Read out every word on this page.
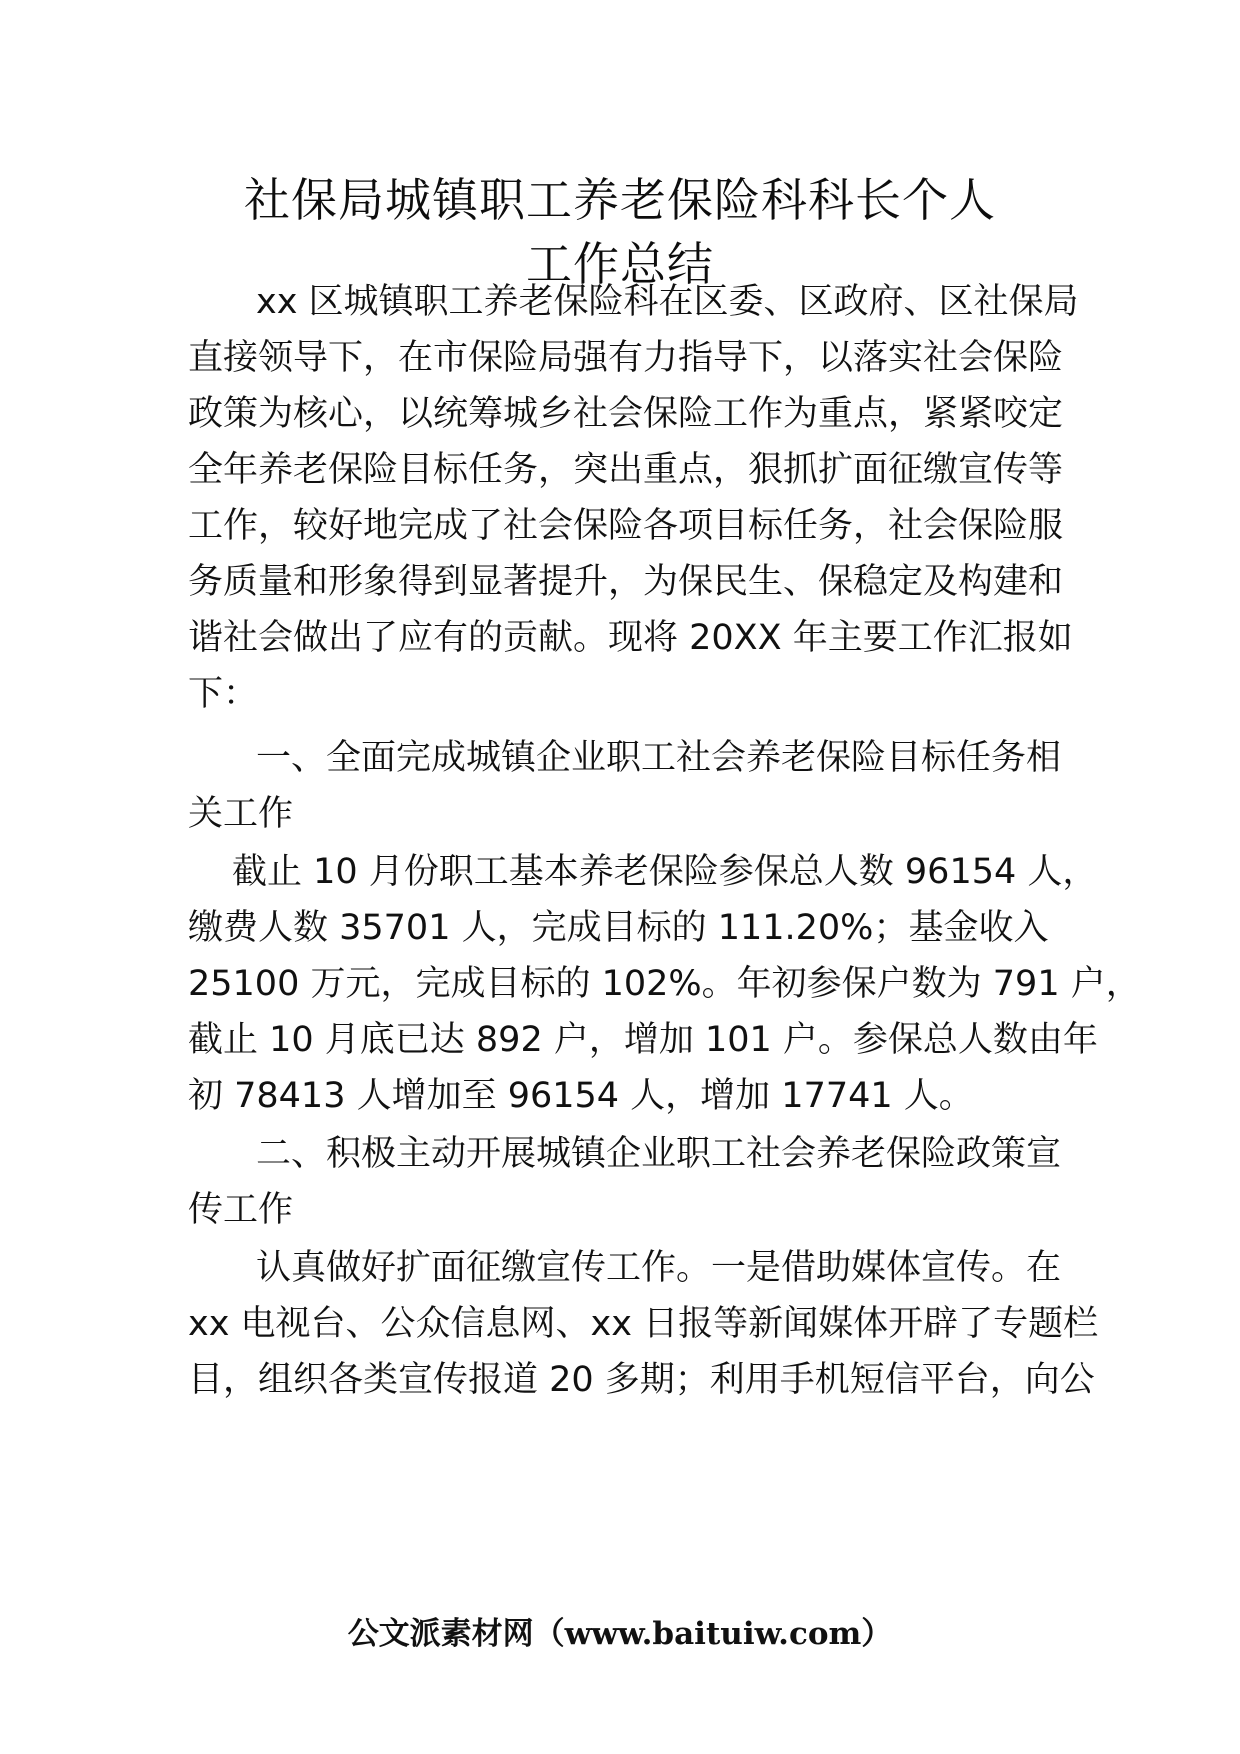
社保局城镇职工养老保险科科长个人
工作总结
xx 区城镇职工养老保险科在区委、区政府、区社保局
直接领导下，在市保险局强有力指导下，以落实社会保险
政策为核心，以统筹城乡社会保险工作为重点，紧紧咬定
全年养老保险目标任务，突出重点，狠抓扩面征缴宣传等
工作，较好地完成了社会保险各项目标任务，社会保险服
务质量和形象得到显著提升，为保民生、保稳定及构建和
谐社会做出了应有的贡献。现将 20XX 年主要工作汇报如
下：
一、全面完成城镇企业职工社会养老保险目标任务相
关工作
截止 10 月份职工基本养老保险参保总人数 96154 人，
缴费人数 35701 人，完成目标的 111.20%；基金收入
25100 万元，完成目标的 102%。年初参保户数为 791 户，
截止 10 月底已达 892 户，增加 101 户。参保总人数由年
初 78413 人增加至 96154 人，增加 17741 人。
二、积极主动开展城镇企业职工社会养老保险政策宣
传工作
认真做好扩面征缴宣传工作。一是借助媒体宣传。在
xx 电视台、公众信息网、xx 日报等新闻媒体开辟了专题栏
目，组织各类宣传报道 20 多期；利用手机短信平台，向公
公文派素材网（www.baituiw.com）
